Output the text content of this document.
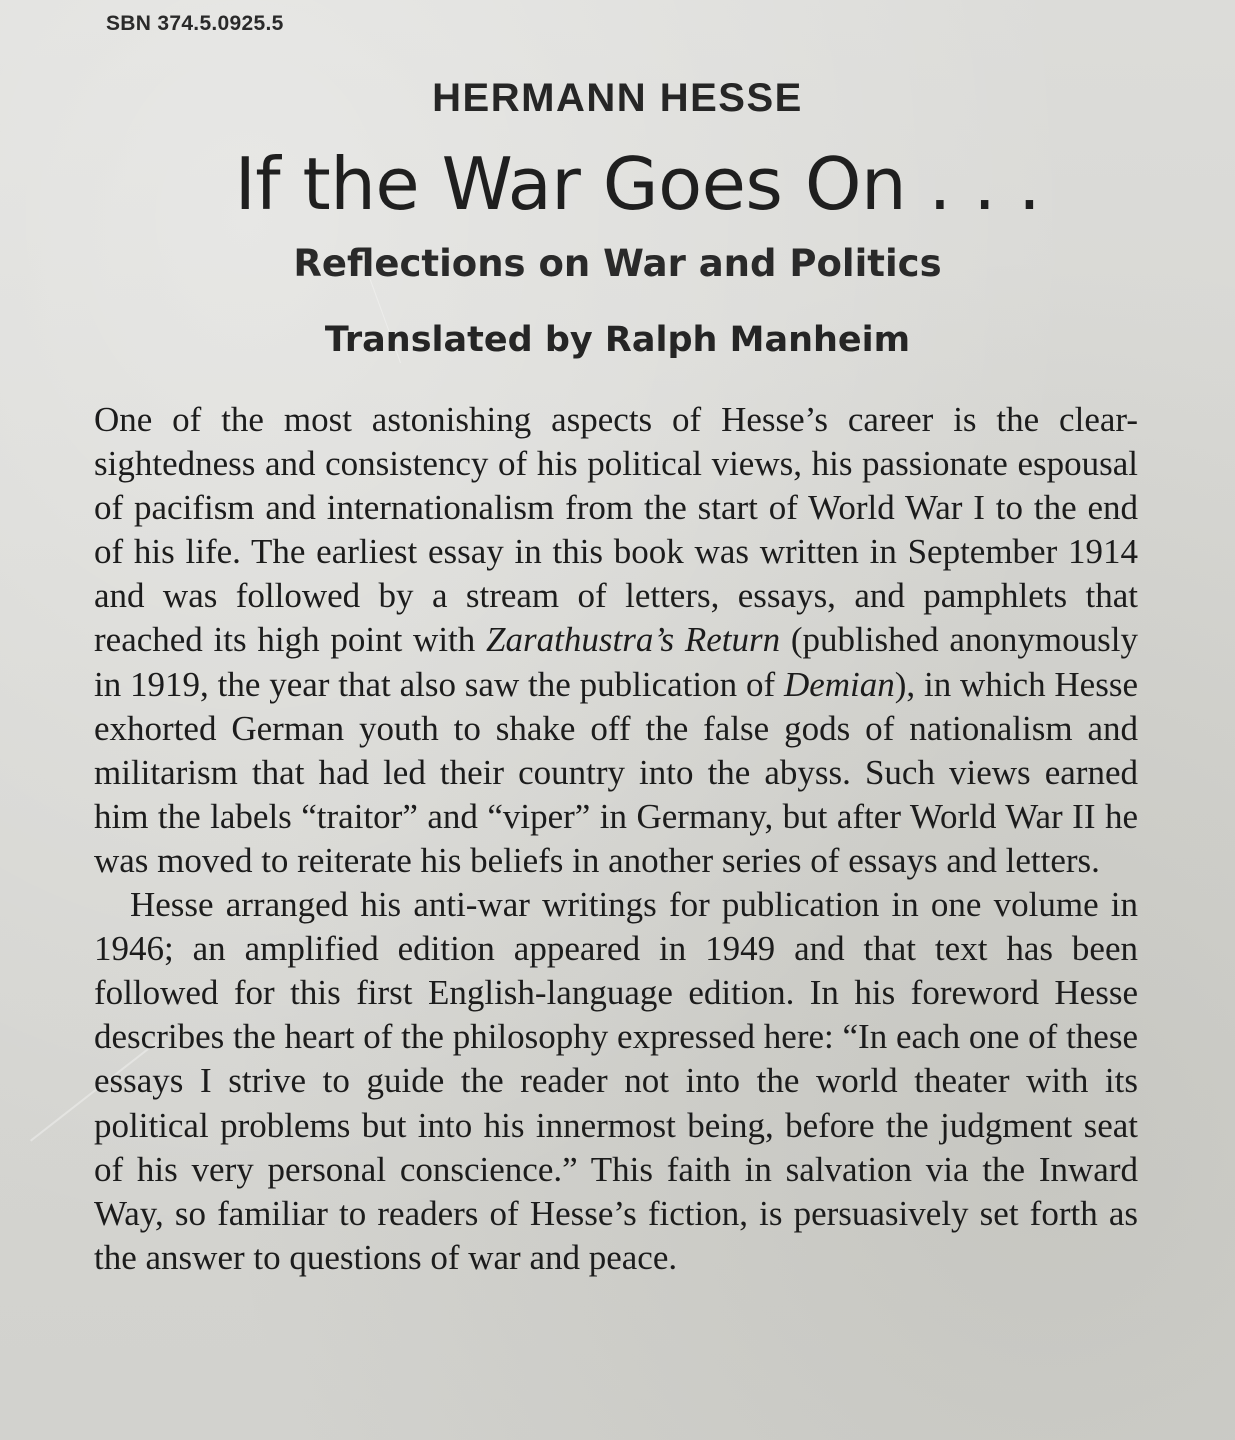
SBN 374.5.0925.5
HERMANN HESSE
If the War Goes On . . .
Reflections on War and Politics
Translated by Ralph Manheim

One of the most astonishing aspects of Hesse’s career is the clear-sightedness and consistency of his political views, his passionate espousal of pacifism and internationalism from the start of World War I to the end of his life. The earliest essay in this book was written in September 1914 and was followed by a stream of letters, essays, and pamphlets that reached its high point with Zarathustra’s Return (published anonymously in 1919, the year that also saw the publication of Demian), in which Hesse exhorted German youth to shake off the false gods of nationalism and militarism that had led their country into the abyss. Such views earned him the labels “traitor” and “viper” in Germany, but after World War II he was moved to reiterate his beliefs in another series of essays and letters.

Hesse arranged his anti-war writings for publication in one volume in 1946; an amplified edition appeared in 1949 and that text has been followed for this first English-language edition. In his foreword Hesse describes the heart of the philosophy expressed here: “In each one of these essays I strive to guide the reader not into the world theater with its political problems but into his innermost being, before the judgment seat of his very personal conscience.” This faith in salvation via the Inward Way, so familiar to readers of Hesse’s fiction, is persuasively set forth as the answer to questions of war and peace.
